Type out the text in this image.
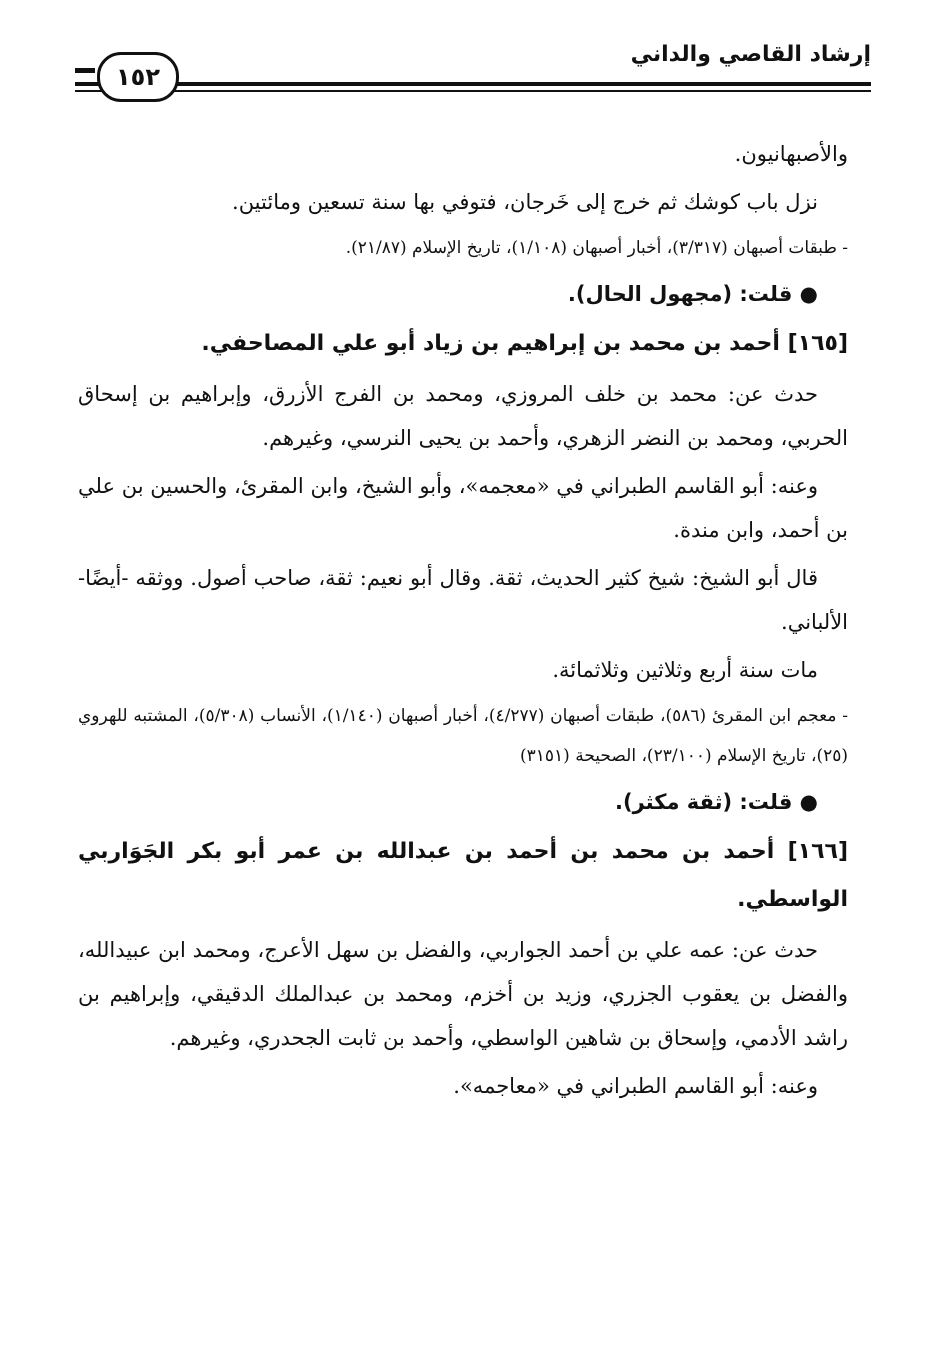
إرشاد القاصي والداني
١٥٢

والأصبهانيون.

نزل باب كوشك ثم خرج إلى خَرجان، فتوفي بها سنة تسعين ومائتين.

- طبقات أصبهان (٣/٣١٧)، أخبار أصبهان (١/١٠٨)، تاريخ الإسلام (٢١/٨٧).

● قلت: (مجهول الحال).

[١٦٥] أحمد بن محمد بن إبراهيم بن زياد أبو علي المصاحفي.

حدث عن: محمد بن خلف المروزي، ومحمد بن الفرج الأزرق، وإبراهيم بن إسحاق الحربي، ومحمد بن النضر الزهري، وأحمد بن يحيى النرسي، وغيرهم.

وعنه: أبو القاسم الطبراني في «معجمه»، وأبو الشيخ، وابن المقرئ، والحسين بن علي بن أحمد، وابن مندة.

قال أبو الشيخ: شيخ كثير الحديث، ثقة. وقال أبو نعيم: ثقة، صاحب أصول. ووثقه -أيضًا- الألباني.

مات سنة أربع وثلاثين وثلاثمائة.

- معجم ابن المقرئ (٥٨٦)، طبقات أصبهان (٤/٢٧٧)، أخبار أصبهان (١/١٤٠)، الأنساب (٥/٣٠٨)، المشتبه للهروي (٢٥)، تاريخ الإسلام (٢٣/١٠٠)، الصحيحة (٣١٥١)

● قلت: (ثقة مكثر).

[١٦٦] أحمد بن محمد بن أحمد بن عبدالله بن عمر أبو بكر الجَوَاربي الواسطي.

حدث عن: عمه علي بن أحمد الجواربي، والفضل بن سهل الأعرج، ومحمد ابن عبيدالله، والفضل بن يعقوب الجزري، وزيد بن أخزم، ومحمد بن عبدالملك الدقيقي، وإبراهيم بن راشد الأدمي، وإسحاق بن شاهين الواسطي، وأحمد بن ثابت الجحدري، وغيرهم.

وعنه: أبو القاسم الطبراني في «معاجمه».
